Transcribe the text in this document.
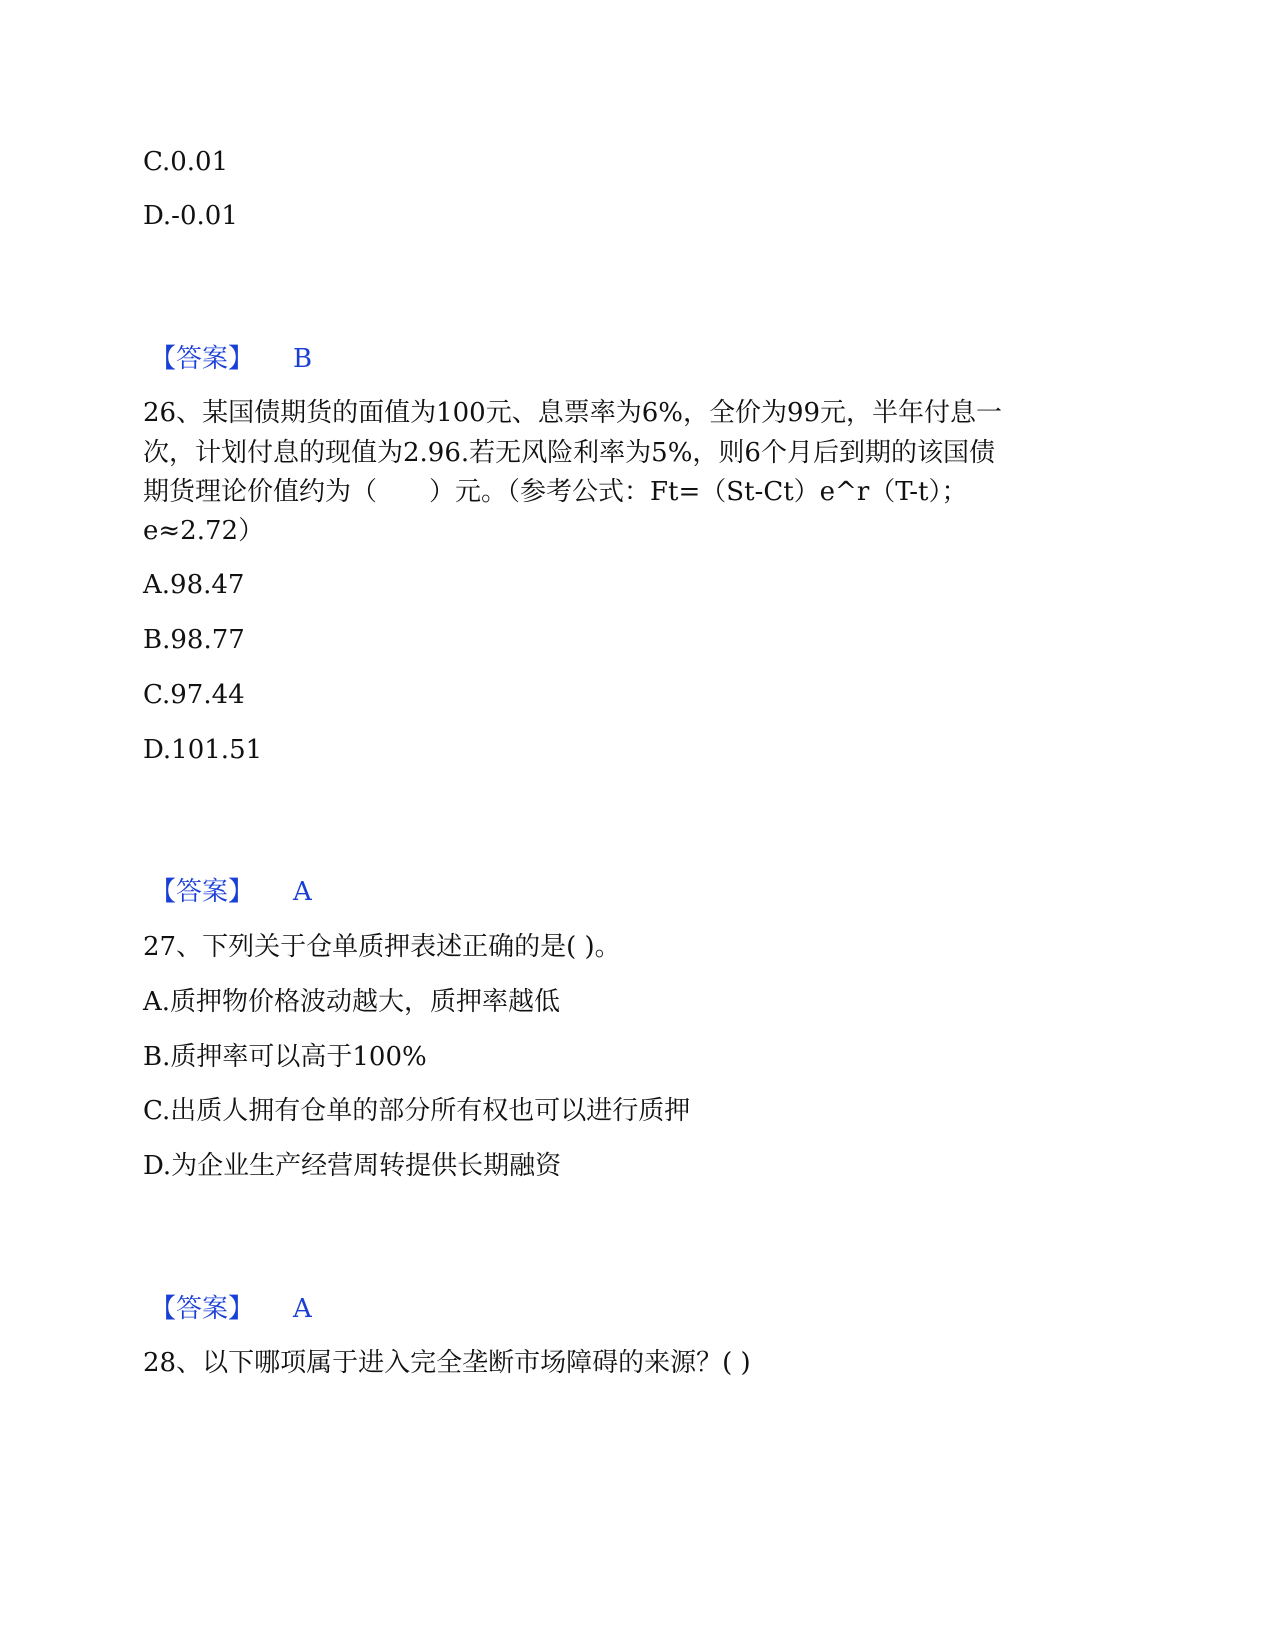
C.0.01
D.-0.01
【答案】 B
26、某国债期货的面值为100元、息票率为6%，全价为99元，半年付息一
次，计划付息的现值为2.96.若无风险利率为5%，则6个月后到期的该国债
期货理论价值约为（　　）元。（参考公式：Ft=（St-Ct）e^r（T-t）；
e≈2.72）
A.98.47
B.98.77
C.97.44
D.101.51
【答案】 A
27、下列关于仓单质押表述正确的是( )。
A.质押物价格波动越大，质押率越低
B.质押率可以高于100%
C.出质人拥有仓单的部分所有权也可以进行质押
D.为企业生产经营周转提供长期融资
【答案】 A
28、以下哪项属于进入完全垄断市场障碍的来源？( )
